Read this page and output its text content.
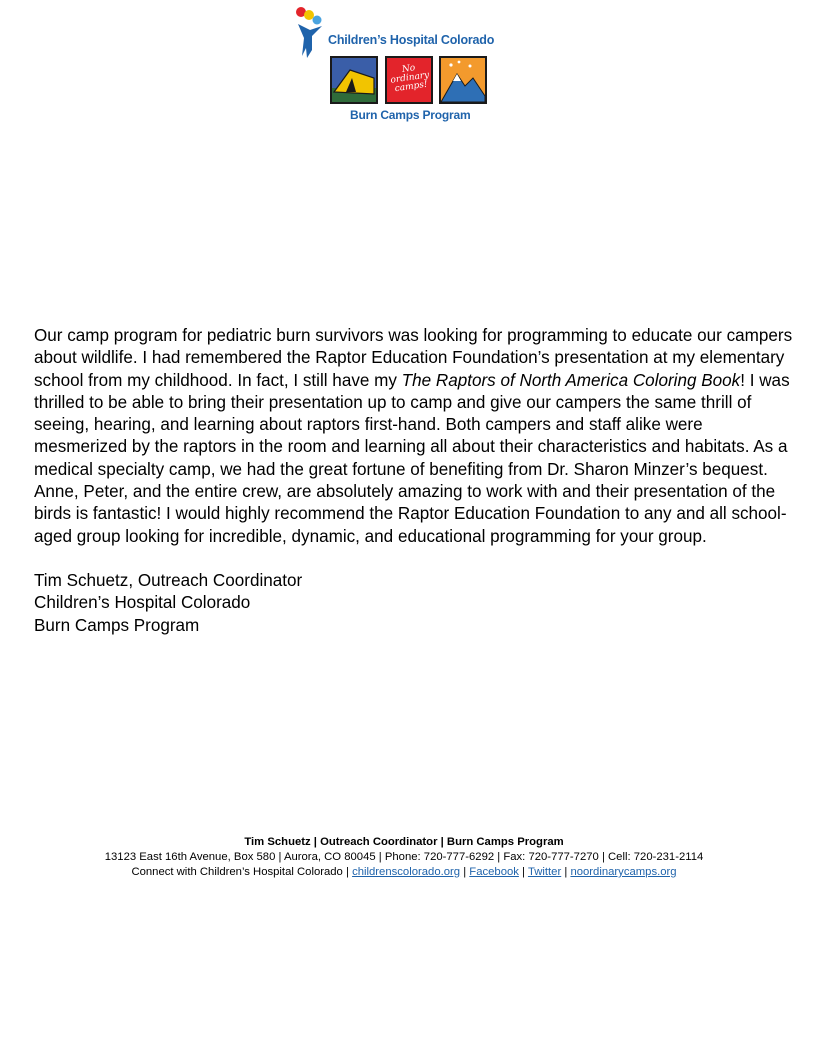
Children’s Hospital Colorado
No ordinary camps!
Burn Camps Program

Our camp program for pediatric burn survivors was looking for programming to educate our campers about wildlife. I had remembered the Raptor Education Foundation’s presentation at my elementary school from my childhood. In fact, I still have my The Raptors of North America Coloring Book! I was thrilled to be able to bring their presentation up to camp and give our campers the same thrill of seeing, hearing, and learning about raptors first-hand. Both campers and staff alike were mesmerized by the raptors in the room and learning all about their characteristics and habitats. As a medical specialty camp, we had the great fortune of benefiting from Dr. Sharon Minzer’s bequest. Anne, Peter, and the entire crew, are absolutely amazing to work with and their presentation of the birds is fantastic! I would highly recommend the Raptor Education Foundation to any and all school-aged group looking for incredible, dynamic, and educational programming for your group.

Tim Schuetz, Outreach Coordinator

Children’s Hospital Colorado

Burn Camps Program

Tim Schuetz | Outreach Coordinator | Burn Camps Program
13123 East 16th Avenue, Box 580 | Aurora, CO 80045 | Phone: 720-777-6292 | Fax: 720-777-7270 | Cell: 720-231-2114
Connect with Children’s Hospital Colorado | childrenscolorado.org | Facebook | Twitter | noordinarycamps.org
